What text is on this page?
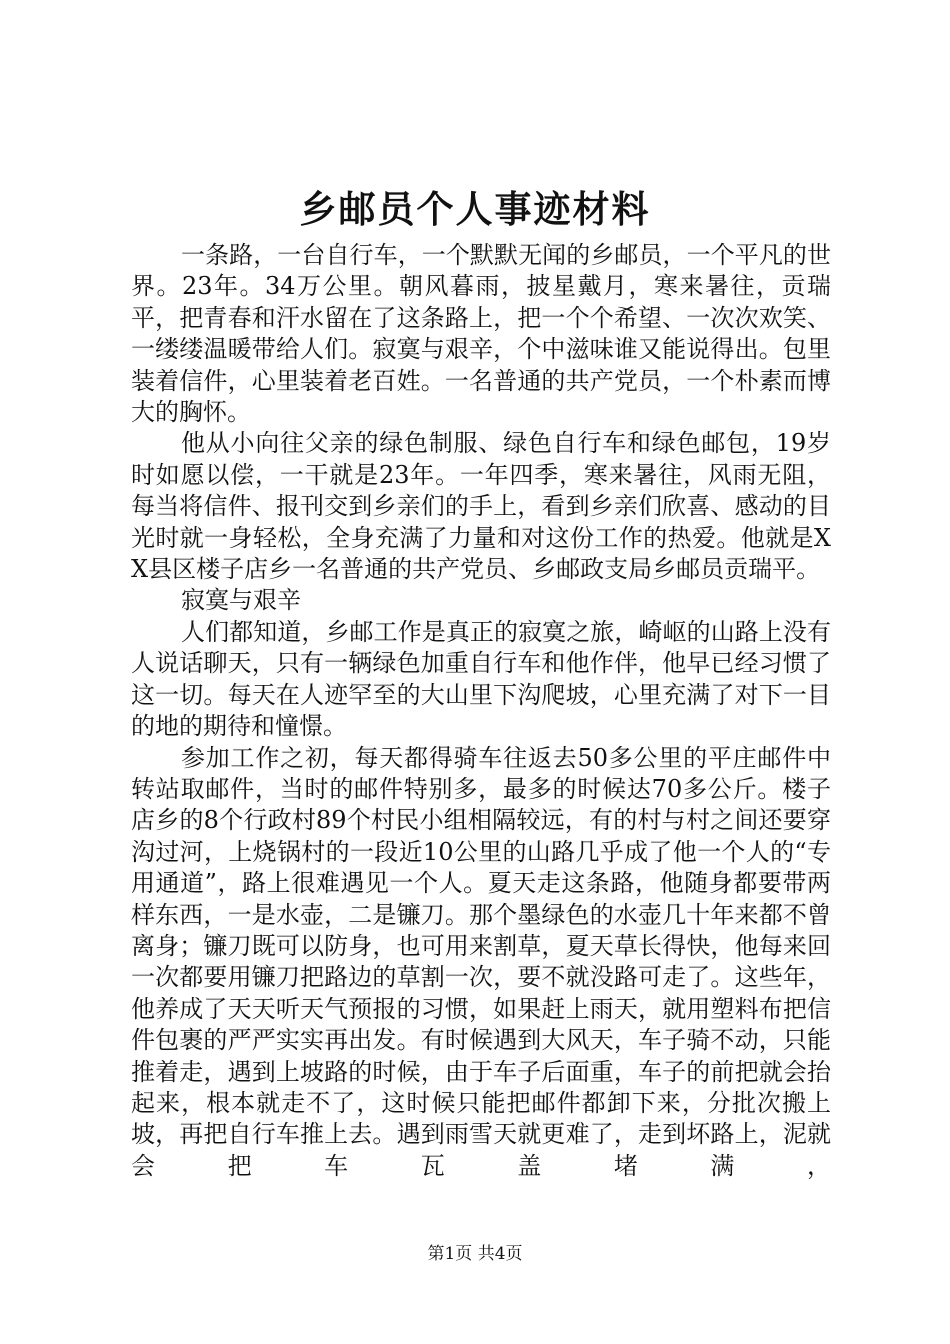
乡邮员个人事迹材料

一条路，一台自行车，一个默默无闻的乡邮员，一个平凡的世界。23年。34万公里。朝风暮雨，披星戴月，寒来暑往，贡瑞平，把青春和汗水留在了这条路上，把一个个希望、一次次欢笑、一缕缕温暖带给人们。寂寞与艰辛，个中滋味谁又能说得出。包里装着信件，心里装着老百姓。一名普通的共产党员，一个朴素而博大的胸怀。

他从小向往父亲的绿色制服、绿色自行车和绿色邮包，19岁时如愿以偿，一干就是23年。一年四季，寒来暑往，风雨无阻，每当将信件、报刊交到乡亲们的手上，看到乡亲们欣喜、感动的目光时就一身轻松，全身充满了力量和对这份工作的热爱。他就是XX县区楼子店乡一名普通的共产党员、乡邮政支局乡邮员贡瑞平。

寂寞与艰辛

人们都知道，乡邮工作是真正的寂寞之旅，崎岖的山路上没有人说话聊天，只有一辆绿色加重自行车和他作伴，他早已经习惯了这一切。每天在人迹罕至的大山里下沟爬坡，心里充满了对下一目的地的期待和憧憬。

参加工作之初，每天都得骑车往返去50多公里的平庄邮件中转站取邮件，当时的邮件特别多，最多的时候达70多公斤。楼子店乡的8个行政村89个村民小组相隔较远，有的村与村之间还要穿沟过河，上烧锅村的一段近10公里的山路几乎成了他一个人的“专用通道”，路上很难遇见一个人。夏天走这条路，他随身都要带两样东西，一是水壶，二是镰刀。那个墨绿色的水壶几十年来都不曾离身；镰刀既可以防身，也可用来割草，夏天草长得快，他每来回一次都要用镰刀把路边的草割一次，要不就没路可走了。这些年，他养成了天天听天气预报的习惯，如果赶上雨天，就用塑料布把信件包裹的严严实实再出发。有时候遇到大风天，车子骑不动，只能推着走，遇到上坡路的时候，由于车子后面重，车子的前把就会抬起来，根本就走不了，这时候只能把邮件都卸下来，分批次搬上坡，再把自行车推上去。遇到雨雪天就更难了，走到坏路上，泥就会把车瓦盖堵满，

第1页 共4页
